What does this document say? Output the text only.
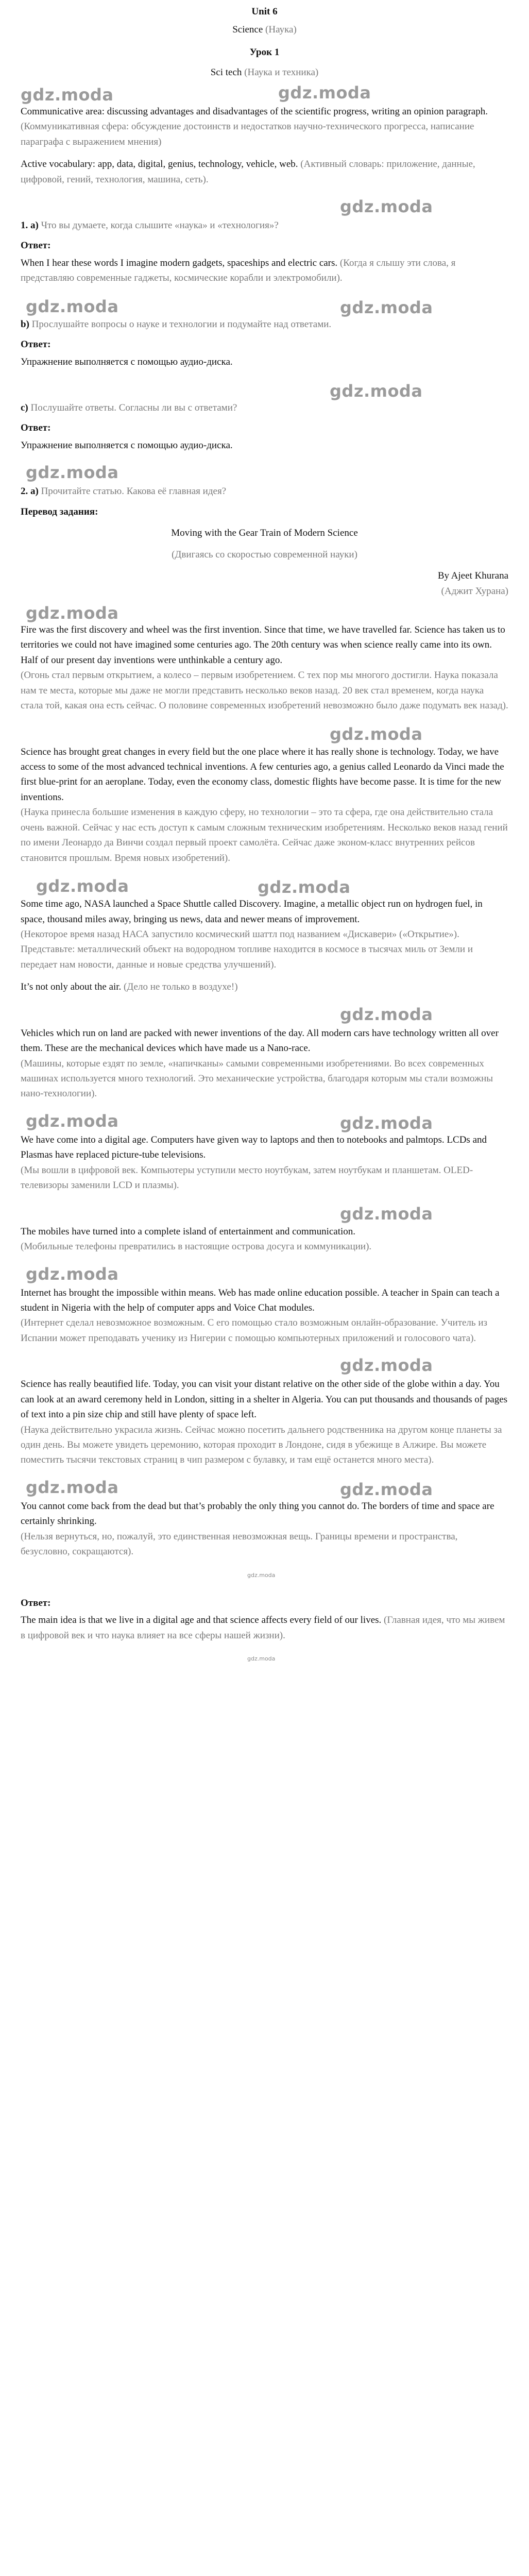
Unit 6
Science (Наука)
Урок 1
Sci tech (Наука и техника)
gdz.moda	gdz.moda
Communicative area: discussing advantages and disadvantages of the scientific progress, writing an opinion paragraph. (Коммуникативная сфера: обсуждение достоинств и недостатков научно-технического прогресса, написание параграфа с выражением мнения)
Active vocabulary: app, data, digital, genius, technology, vehicle, web. (Активный словарь: приложение, данные, цифровой, гений, технология, машина, сеть).
gdz.moda
1. а) Что вы думаете, когда слышите «наука» и «технология»?
Ответ:
When I hear these words I imagine modern gadgets, spaceships and electric cars. (Когда я слышу эти слова, я представляю современные гаджеты, космические корабли и электромобили).
gdz.moda	gdz.moda
b) Прослушайте вопросы о науке и технологии и подумайте над ответами.
Ответ:
Упражнение выполняется с помощью аудио-диска.
gdz.moda
c) Послушайте ответы. Согласны ли вы с ответами?
Ответ:
Упражнение выполняется с помощью аудио-диска.
gdz.moda
2. а) Прочитайте статью. Какова её главная идея?
Перевод задания:
Moving with the Gear Train of Modern Science
(Двигаясь со скоростью современной науки)
By Ajeet Khurana
(Аджит Хурана)
gdz.moda
Fire was the first discovery and wheel was the first invention. Since that time, we have travelled far. Science has taken us to territories we could not have imagined some centuries ago. The 20th century was when science really came into its own. Half of our present day inventions were unthinkable a century ago.
(Огонь стал первым открытием, а колесо – первым изобретением. С тех пор мы многого достигли. Наука показала нам те места, которые мы даже не могли представить несколько веков назад. 20 век стал временем, когда наука стала той, какая она есть сейчас. О половине современных изобретений невозможно было даже подумать век назад).
gdz.moda
Science has brought great changes in every field but the one place where it has really shone is technology. Today, we have access to some of the most advanced technical inventions. A few centuries ago, a genius called Leonardo da Vinci made the first blue-print for an aeroplane. Today, even the economy class, domestic flights have become passe. It is time for the new inventions.
(Наука принесла большие изменения в каждую сферу, но технологии – это та сфера, где она действительно стала очень важной. Сейчас у нас есть доступ к самым сложным техническим изобретениям. Несколько веков назад гений по имени Леонардо да Винчи создал первый проект самолёта. Сейчас даже эконом-класс внутренних рейсов становится прошлым. Время новых изобретений).
gdz.moda	gdz.moda
Some time ago, NASA launched a Space Shuttle called Discovery. Imagine, a metallic object run on hydrogen fuel, in space, thousand miles away, bringing us news, data and newer means of improvement.
(Некоторое время назад НАСА запустило космический шаттл под названием «Дискавери» («Открытие»). Представьте: металлический объект на водородном топливе находится в космосе в тысячах миль от Земли и передает нам новости, данные и новые средства улучшений).
It’s not only about the air. (Дело не только в воздухе!)
gdz.moda
Vehicles which run on land are packed with newer inventions of the day. All modern cars have technology written all over them. These are the mechanical devices which have made us a Nano-race.
(Машины, которые ездят по земле, «напичканы» самыми современными изобретениями. Во всех современных машинах используется много технологий. Это механические устройства, благодаря которым мы стали возможны нано-технологии).
gdz.moda	gdz.moda
We have come into a digital age. Computers have given way to laptops and then to notebooks and palmtops. LCDs and Plasmas have replaced picture-tube televisions.
(Мы вошли в цифровой век. Компьютеры уступили место ноутбукам, затем ноутбукам и планшетам. OLED-телевизоры заменили LCD и плазмы).
gdz.moda
The mobiles have turned into a complete island of entertainment and communication.
(Мобильные телефоны превратились в настоящие острова досуга и коммуникации).
gdz.moda
Internet has brought the impossible within means. Web has made online education possible. A teacher in Spain can teach a student in Nigeria with the help of computer apps and Voice Chat modules.
(Интернет сделал невозможное возможным. С его помощью стало возможным онлайн-образование. Учитель из Испании может преподавать ученику из Нигерии с помощью компьютерных приложений и голосового чата).
gdz.moda
Science has really beautified life. Today, you can visit your distant relative on the other side of the globe within a day. You can look at an award ceremony held in London, sitting in a shelter in Algeria. You can put thousands and thousands of pages of text into a pin size chip and still have plenty of space left.
(Наука действительно украсила жизнь. Сейчас можно посетить дальнего родственника на другом конце планеты за один день. Вы можете увидеть церемонию, которая проходит в Лондоне, сидя в убежище в Алжире. Вы можете поместить тысячи текстовых страниц в чип размером с булавку, и там ещё останется много места).
gdz.moda	gdz.moda
You cannot come back from the dead but that’s probably the only thing you cannot do. The borders of time and space are certainly shrinking.
(Нельзя вернуться, но, пожалуй, это единственная невозможная вещь. Границы времени и пространства, безусловно, сокращаются).
gdz.moda
Ответ:
The main idea is that we live in a digital age and that science affects every field of our lives. (Главная идея, что мы живем в цифровой век и что наука влияет на все сферы нашей жизни).
gdz.moda
